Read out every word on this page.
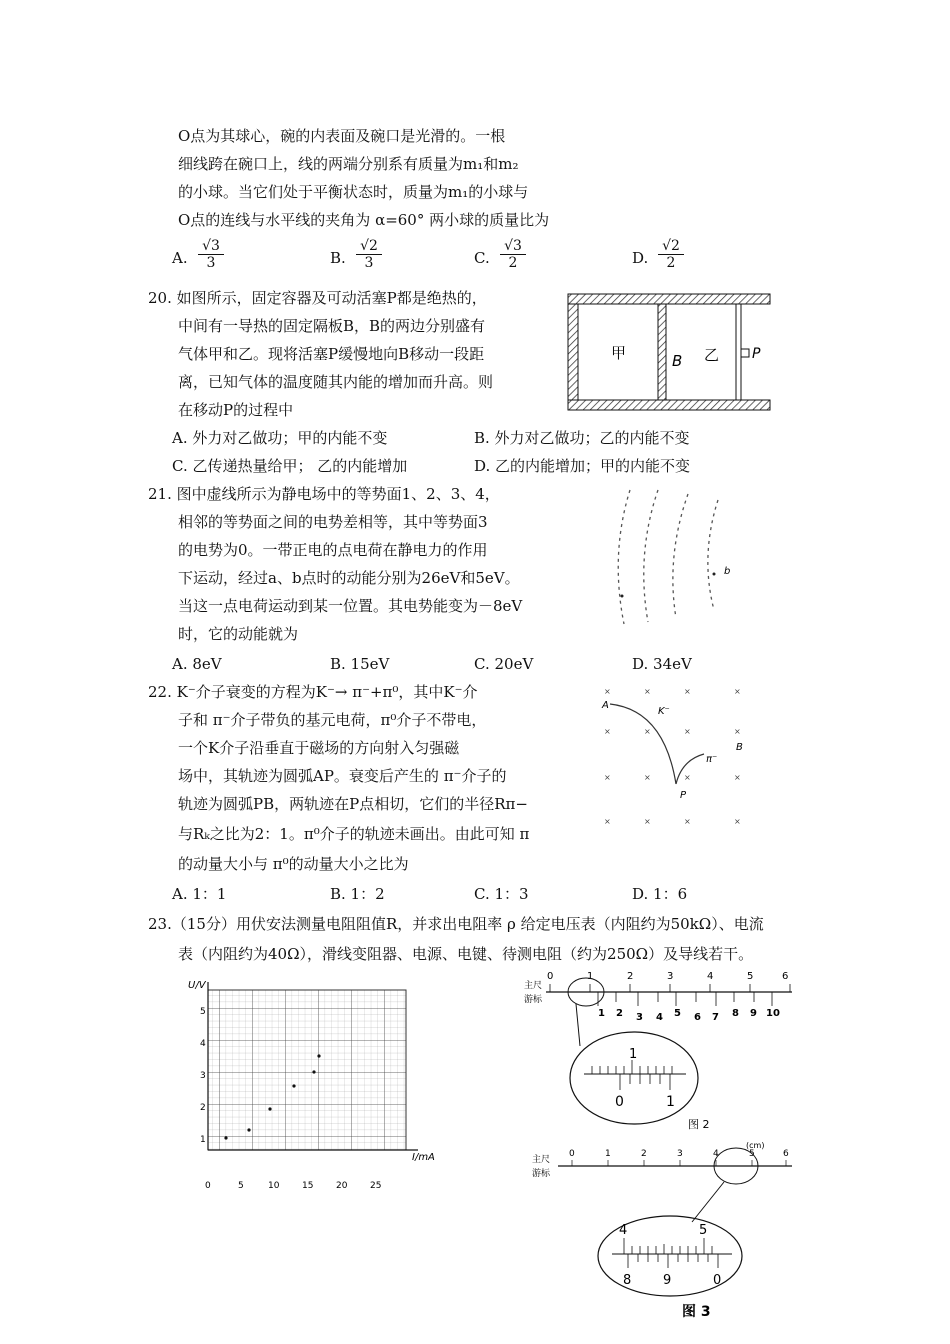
O点为其球心，碗的内表面及碗口是光滑的。一根
细线跨在碗口上，线的两端分别系有质量为m₁和m₂
的小球。当它们处于平衡状态时，质量为m₁的小球与
O点的连线与水平线的夹角为 α=60° 两小球的质量比为
A. $\frac{√3}{3}$	B. $\frac{√2}{3}$	C. $\frac{√3}{2}$	D. $\frac{√2}{2}$
20. 如图所示，固定容器及可动活塞P都是绝热的，
中间有一导热的固定隔板B，B的两边分别盛有
气体甲和乙。现将活塞P缓慢地向B移动一段距
离，已知气体的温度随其内能的增加而升高。则
在移动P的过程中
A. 外力对乙做功；甲的内能不变	B. 外力对乙做功；乙的内能不变
C. 乙传递热量给甲； 乙的内能增加	D. 乙的内能增加；甲的内能不变
甲	B 乙 P
21. 图中虚线所示为静电场中的等势面1、2、3、4，
相邻的等势面之间的电势差相等，其中等势面3
的电势为0。一带正电的点电荷在静电力的作用
下运动，经过a、b点时的动能分别为26eV和5eV。
当这一点电荷运动到某一位置。其电势能变为－8eV
时，它的动能就为
A. 8eV	B. 15eV	C. 20eV	D. 34eV
b
22. K⁻介子衰变的方程为K⁻→ π⁻+π⁰，其中K⁻介
子和 π⁻介子带负的基元电荷，π⁰介子不带电，
一个K介子沿垂直于磁场的方向射入匀强磁
场中，其轨迹为圆弧AP。衰变后产生的 π⁻介子的
轨迹为圆弧PB，两轨迹在P点相切，它们的半径Rπ−
与Rₖ之比为2：1。π⁰介子的轨迹未画出。由此可知 π
的动量大小与 π⁰的动量大小之比为
A. 1：1	B. 1：2	C. 1：3	D. 1：6
×	×	×	×
×	×	×	×
×	×	×	×
×	×	×	×
A
K⁻
π⁻
B
P
23.（15分）用伏安法测量电阻阻值R，并求出电阻率 ρ 给定电压表（内阻约为50kΩ）、电流
表（内阻约为40Ω），滑线变阻器、电源、电键、待测电阻（约为250Ω）及导线若干。
U/V
I/mA
5
4
3
2
1
0	5	10	15	20	25
主尺
游标
0	1	2	3	4	5	6
1 2 3 4 5 6 7 8 9 10
1
0	1
图 2
(cm)
主尺
游标
0	1	2	3	4	5	6
4	5
8 9	0
图 3
